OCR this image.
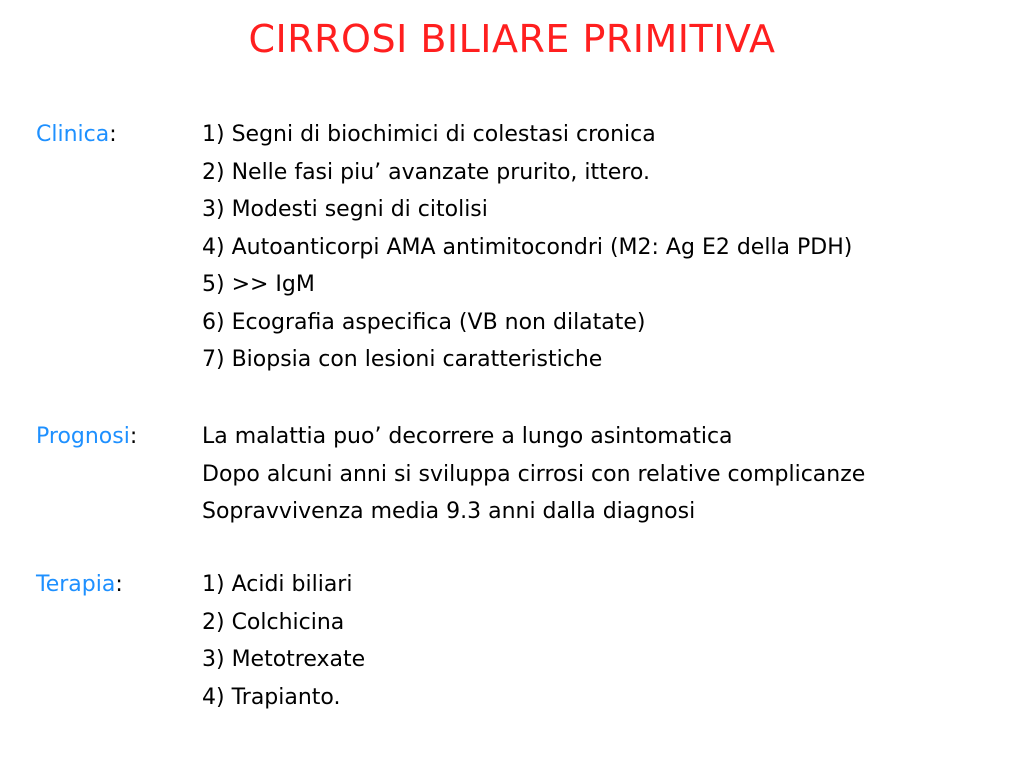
CIRROSI BILIARE PRIMITIVA
Clinica:	1) Segni di biochimici di colestasi cronica
2) Nelle fasi piu’ avanzate prurito, ittero.
3) Modesti segni di citolisi
4) Autoanticorpi AMA antimitocondri (M2: Ag E2 della PDH)
5) >> IgM
6) Ecografia aspecifica (VB non dilatate)
7) Biopsia con lesioni caratteristiche
Prognosi:	La malattia puo’ decorrere a lungo asintomatica
Dopo alcuni anni si sviluppa cirrosi con relative complicanze
Sopravvivenza media 9.3 anni dalla diagnosi
Terapia:	1) Acidi biliari
2) Colchicina
3) Metotrexate
4) Trapianto.
